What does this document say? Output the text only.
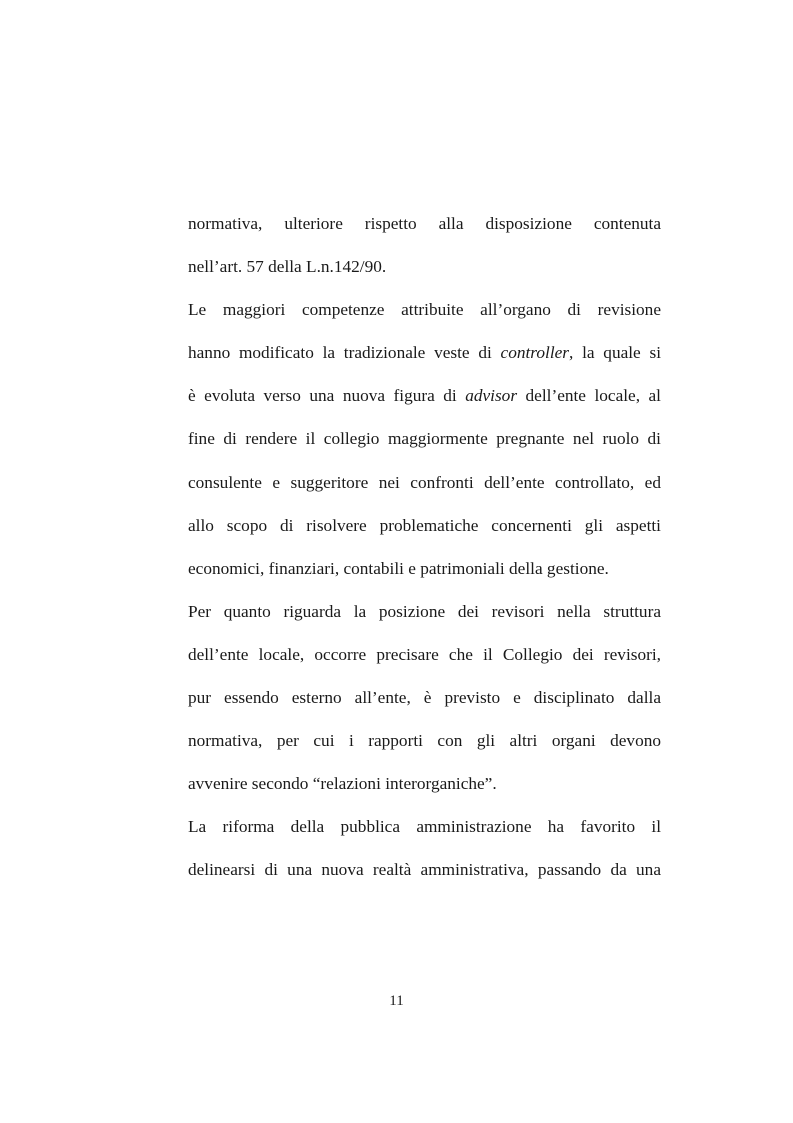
normativa, ulteriore rispetto alla disposizione contenuta
nell’art. 57 della L.n.142/90.
Le maggiori competenze attribuite all’organo di revisione
hanno modificato la tradizionale veste di controller, la quale si
è evoluta verso una nuova figura di advisor dell’ente locale, al
fine di rendere il collegio maggiormente pregnante nel ruolo di
consulente e suggeritore nei confronti dell’ente controllato, ed
allo scopo di risolvere problematiche concernenti gli aspetti
economici, finanziari, contabili e patrimoniali della gestione.
Per quanto riguarda la posizione dei revisori nella struttura
dell’ente locale, occorre precisare che il Collegio dei revisori,
pur essendo esterno all’ente, è previsto e disciplinato dalla
normativa, per cui i rapporti con gli altri organi devono
avvenire secondo “relazioni interorganiche”.
La riforma della pubblica amministrazione ha favorito il
delinearsi di una nuova realtà amministrativa, passando da una
11
